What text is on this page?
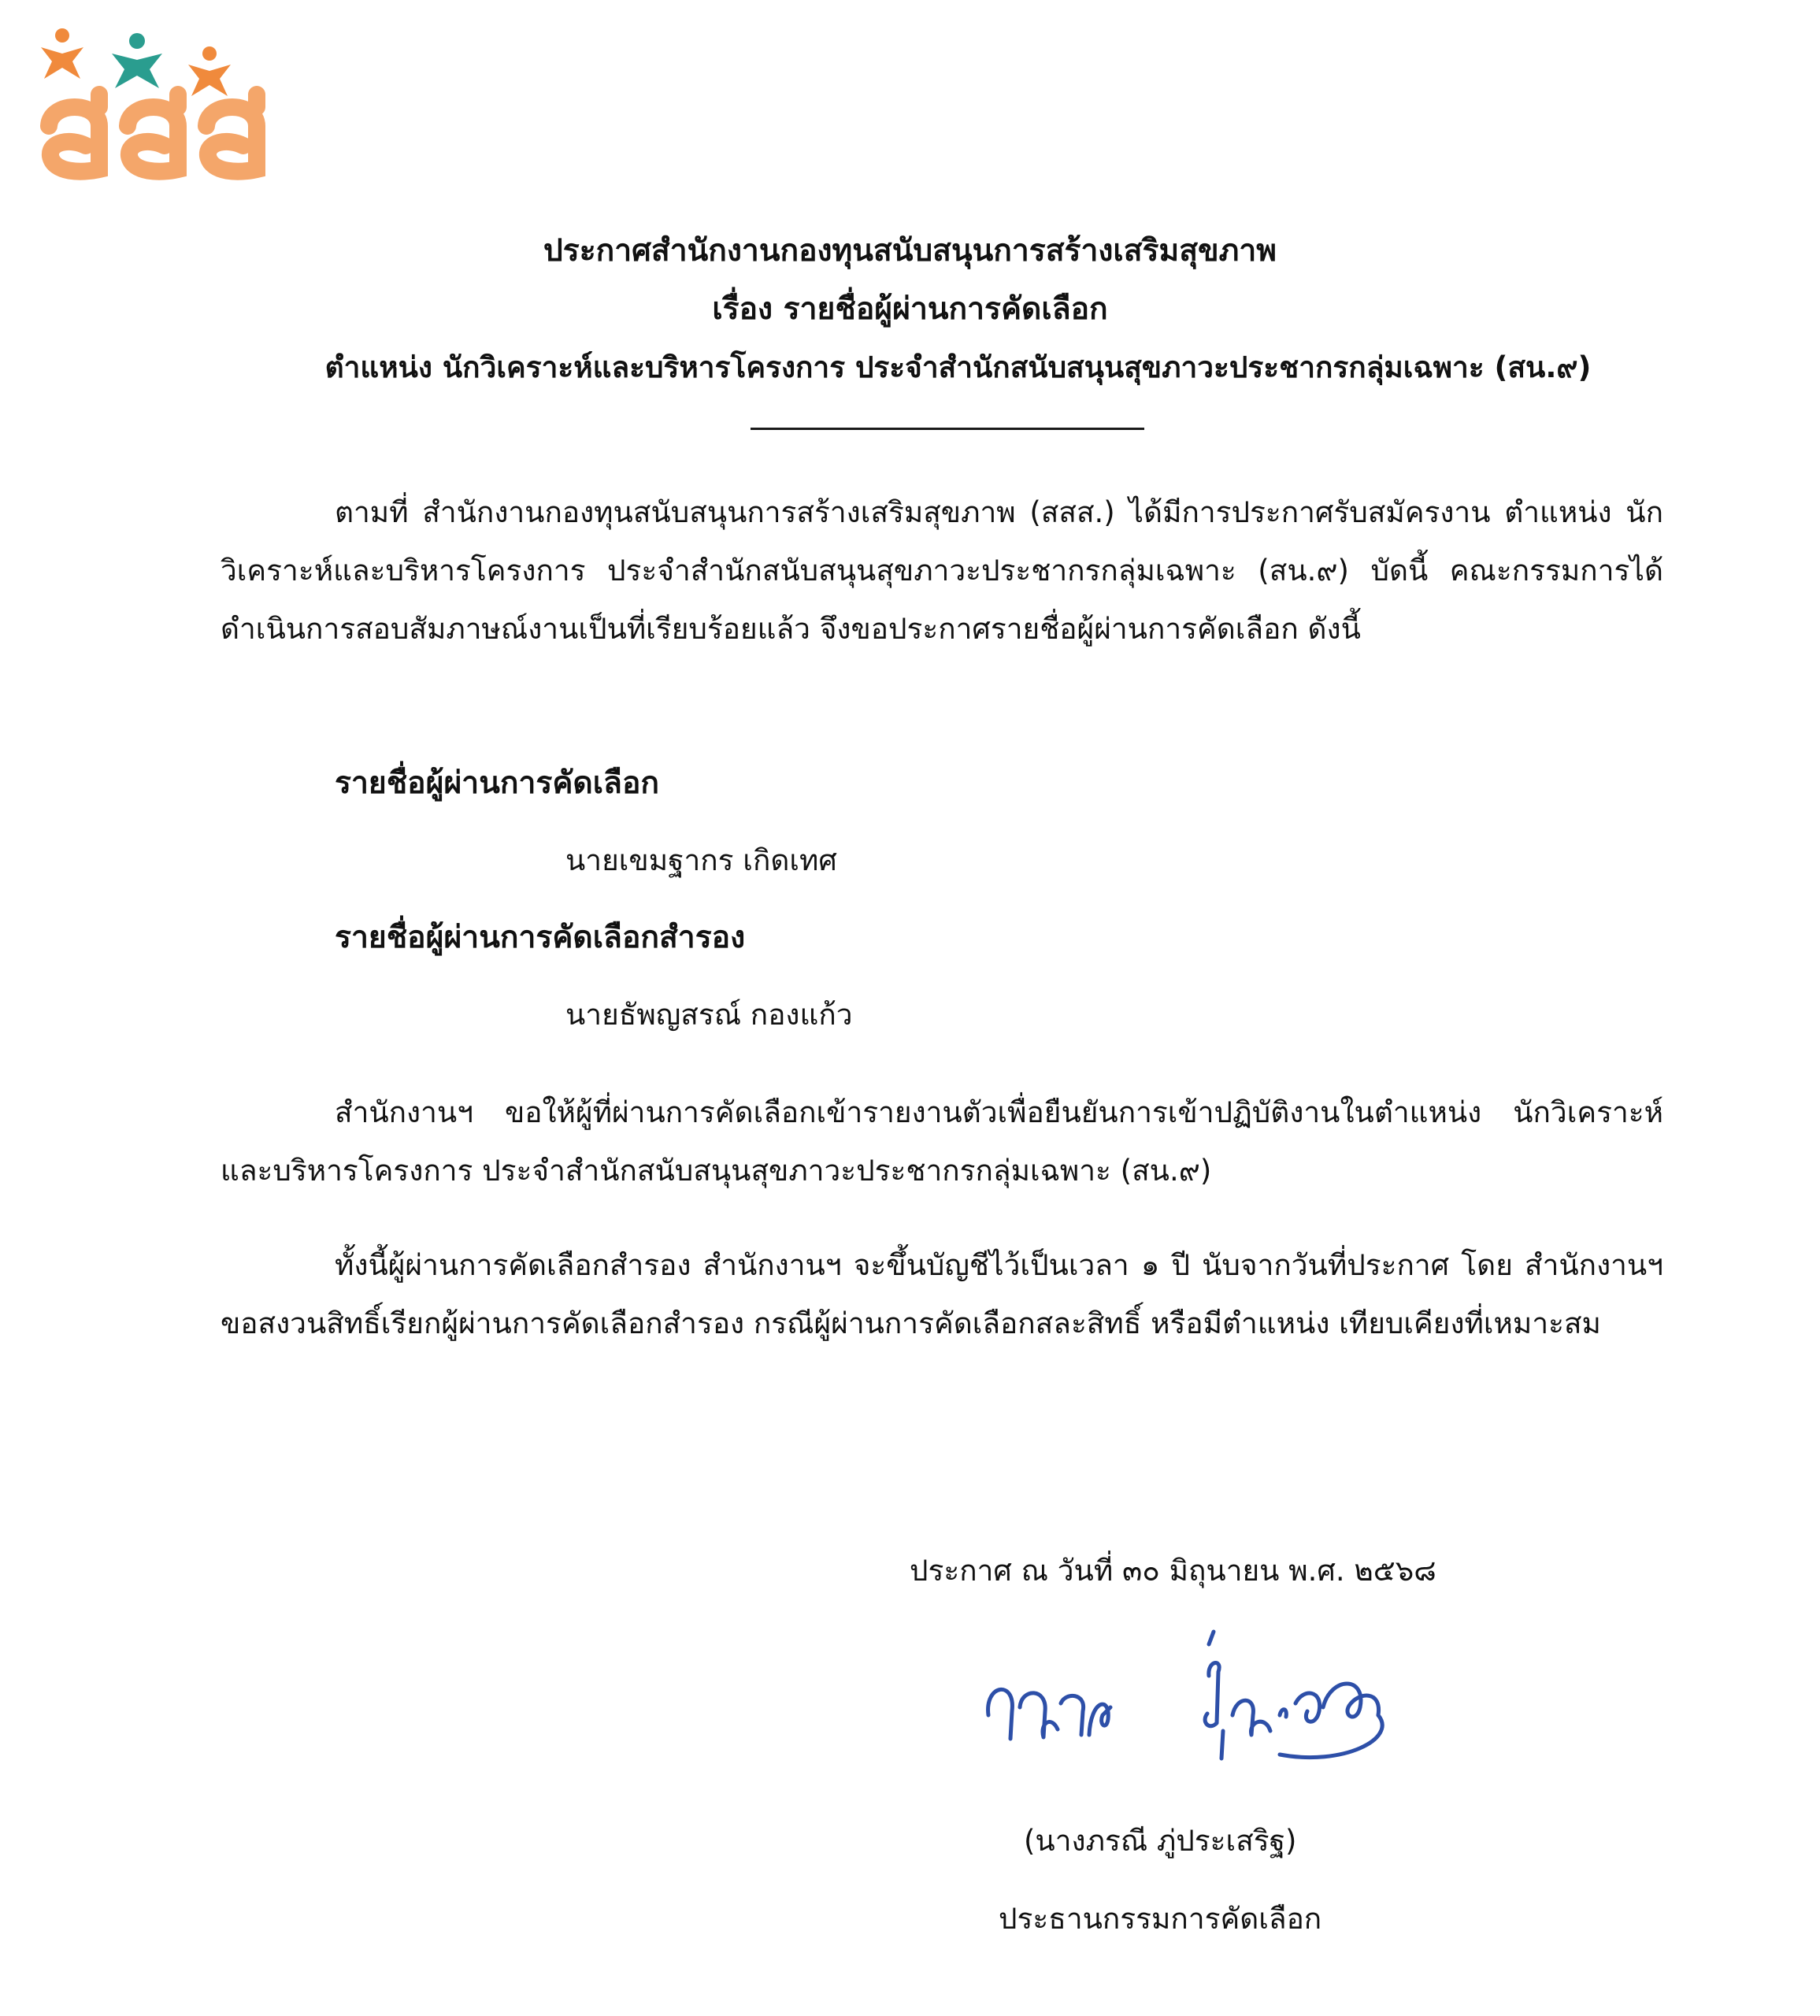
ประกาศสำนักงานกองทุนสนับสนุนการสร้างเสริมสุขภาพ
เรื่อง รายชื่อผู้ผ่านการคัดเลือก
ตำแหน่ง นักวิเคราะห์และบริหารโครงการ ประจำสำนักสนับสนุนสุขภาวะประชากรกลุ่มเฉพาะ (สน.๙)
ตามที่ สำนักงานกองทุนสนับสนุนการสร้างเสริมสุขภาพ (สสส.) ได้มีการประกาศรับสมัครงาน ตำแหน่ง นักวิเคราะห์และบริหารโครงการ ประจำสำนักสนับสนุนสุขภาวะประชากรกลุ่มเฉพาะ (สน.๙) บัดนี้ คณะกรรมการได้ดำเนินการสอบสัมภาษณ์งานเป็นที่เรียบร้อยแล้ว จึงขอประกาศรายชื่อผู้ผ่านการคัดเลือก ดังนี้
รายชื่อผู้ผ่านการคัดเลือก
นายเขมฐากร เกิดเทศ
รายชื่อผู้ผ่านการคัดเลือกสำรอง
นายธัพญสรณ์ กองแก้ว
สำนักงานฯ ขอให้ผู้ที่ผ่านการคัดเลือกเข้ารายงานตัวเพื่อยืนยันการเข้าปฏิบัติงานในตำแหน่ง นักวิเคราะห์และบริหารโครงการ ประจำสำนักสนับสนุนสุขภาวะประชากรกลุ่มเฉพาะ (สน.๙)
ทั้งนี้ผู้ผ่านการคัดเลือกสำรอง สำนักงานฯ จะขึ้นบัญชีไว้เป็นเวลา ๑ ปี นับจากวันที่ประกาศ โดย สำนักงานฯ ขอสงวนสิทธิ์เรียกผู้ผ่านการคัดเลือกสำรอง กรณีผู้ผ่านการคัดเลือกสละสิทธิ์ หรือมีตำแหน่ง เทียบเคียงที่เหมาะสม
ประกาศ ณ วันที่ ๓๐ มิถุนายน พ.ศ. ๒๕๖๘
(นางภรณี ภู่ประเสริฐ)
ประธานกรรมการคัดเลือก
